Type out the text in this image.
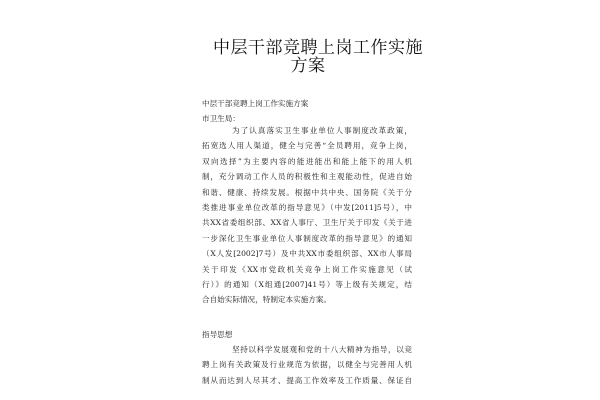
中层干部竞聘上岗工作实施
方案
中层干部竞聘上岗工作实施方案
市卫生局：
为了认真落实卫生事业单位人事制度改革政策，
拓宽选人用人渠道，健全与完善“全员聘用，竞争上岗，
双向选择”为主要内容的能进能出和能上能下的用人机
制，充分调动工作人员的积极性和主观能动性，促进自始
和谐、健康、持续发展。根据中共中央、国务院《关于分
类推进事业单位改革的指导意见》（中发[2011]5号），中
共XX省委组织部、XX省人事厅、卫生厅关于印发《关于进
一步深化卫生事业单位人事制度改革的指导意见》的通知
（X人发[2002]7号）及中共XX市委组织部、XX市人事局
关于印发《XX市党政机关竞争上岗工作实施意见（试
行）》的通知（X组通[2007]41号）等上级有关规定，结
合自始实际情况，特制定本实施方案。
指导思想
坚持以科学发展观和党的十八大精神为指导，以竞
聘上岗有关政策及行业规范为依据，以健全与完善用人机
制从而达到人尽其才、提高工作效率及工作质量、保证自
